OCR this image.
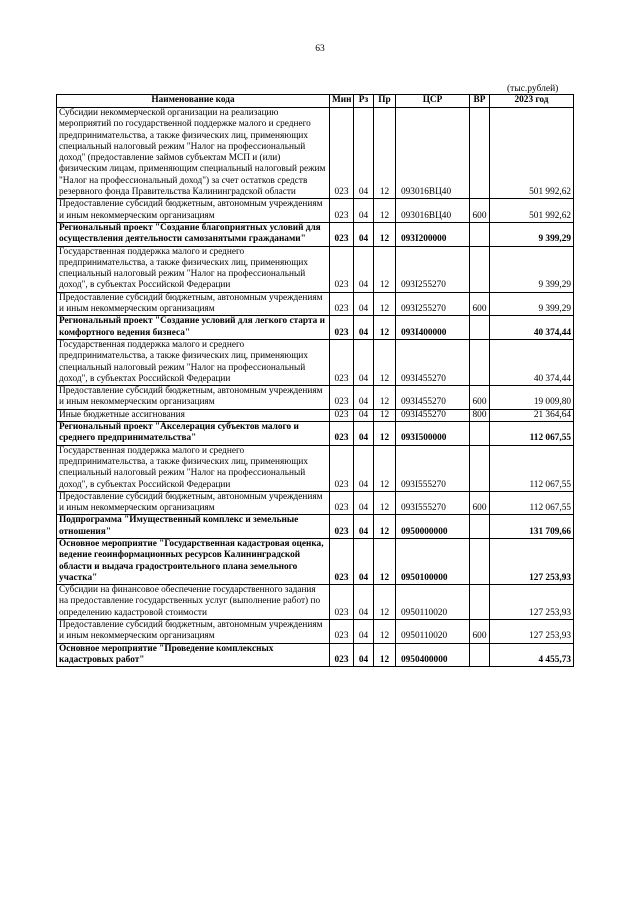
63
(тыс.рублей)
Наименование кода	Мин	Рз	Пр	ЦСР	ВР	2023 год
Субсидии некоммерческой организации на реализацию мероприятий по государственной поддержке малого и среднего предпринимательства, а также физических лиц, применяющих специальный налоговый режим "Налог на профессиональный доход" (предоставление займов субъектам МСП и (или) физическим лицам, применяющим специальный налоговый режим "Налог на профессиональный доход") за счет остатков средств резервного фонда Правительства Калининградской области	023	04	12	093016ВЦ40		501 992,62
Предоставление субсидий бюджетным, автономным учреждениям и иным некоммерческим организациям	023	04	12	093016ВЦ40	600	501 992,62
Региональный проект "Создание благоприятных условий для осуществления деятельности самозанятыми гражданами"	023	04	12	093I200000		9 399,29
Государственная поддержка малого и среднего предпринимательства, а также физических лиц, применяющих специальный налоговый режим "Налог на профессиональный доход", в субъектах Российской Федерации	023	04	12	093I255270		9 399,29
Предоставление субсидий бюджетным, автономным учреждениям и иным некоммерческим организациям	023	04	12	093I255270	600	9 399,29
Региональный проект "Создание условий для легкого старта и комфортного ведения бизнеса"	023	04	12	093I400000		40 374,44
Государственная поддержка малого и среднего предпринимательства, а также физических лиц, применяющих специальный налоговый режим "Налог на профессиональный доход", в субъектах Российской Федерации	023	04	12	093I455270		40 374,44
Предоставление субсидий бюджетным, автономным учреждениям и иным некоммерческим организациям	023	04	12	093I455270	600	19 009,80
Иные бюджетные ассигнования	023	04	12	093I455270	800	21 364,64
Региональный проект "Акселерация субъектов малого и среднего предпринимательства"	023	04	12	093I500000		112 067,55
Государственная поддержка малого и среднего предпринимательства, а также физических лиц, применяющих специальный налоговый режим "Налог на профессиональный доход", в субъектах Российской Федерации	023	04	12	093I555270		112 067,55
Предоставление субсидий бюджетным, автономным учреждениям и иным некоммерческим организациям	023	04	12	093I555270	600	112 067,55
Подпрограмма "Имущественный комплекс и земельные отношения"	023	04	12	0950000000		131 709,66
Основное мероприятие "Государственная кадастровая оценка, ведение геоинформационных ресурсов Калининградской области и выдача градостроительного плана земельного участка"	023	04	12	0950100000		127 253,93
Субсидии на финансовое обеспечение государственного задания на предоставление государственных услуг (выполнение работ) по определению кадастровой стоимости	023	04	12	0950110020		127 253,93
Предоставление субсидий бюджетным, автономным учреждениям и иным некоммерческим организациям	023	04	12	0950110020	600	127 253,93
Основное мероприятие "Проведение комплексных кадастровых работ"	023	04	12	0950400000		4 455,73
